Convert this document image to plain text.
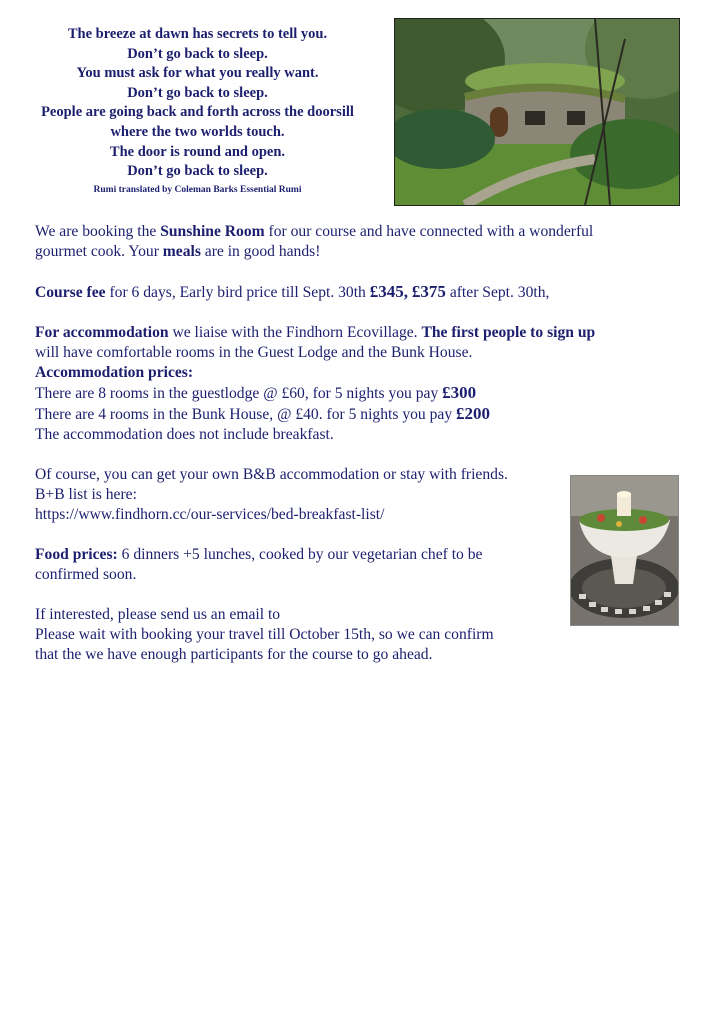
The breeze at dawn has secrets to tell you.
Don’t go back to sleep.
You must ask for what you really want.
Don’t go back to sleep.
People are going back and forth across the doorsill
where the two worlds touch.
The door is round and open.
Don’t go back to sleep.
Rumi translated by Coleman Barks Essential Rumi

We are booking the Sunshine Room for our course and have connected with a wonderful

gourmet cook. Your meals are in good hands!

Course fee for 6 days, Early bird price till Sept. 30th £345, £375 after Sept. 30th,

For accommodation we liaise with the Findhorn Ecovillage. The first people to sign up

will have comfortable rooms in the Guest Lodge and the Bunk House.

Accommodation prices:

There are 8 rooms in the guestlodge @ £60, for 5 nights you pay £300

There are 4 rooms in the Bunk House, @ £40. for 5 nights you pay £200

The accommodation does not include breakfast.

Of course, you can get your own B&B accommodation or stay with friends.

B+B list is here:

https://www.findhorn.cc/our-services/bed-breakfast-list/

Food prices: 6 dinners +5 lunches, cooked by our vegetarian chef to be

confirmed soon.

If interested, please send us an email to

Please wait with booking your travel till October 15th, so we can confirm

that the we have enough participants for the course to go ahead.
